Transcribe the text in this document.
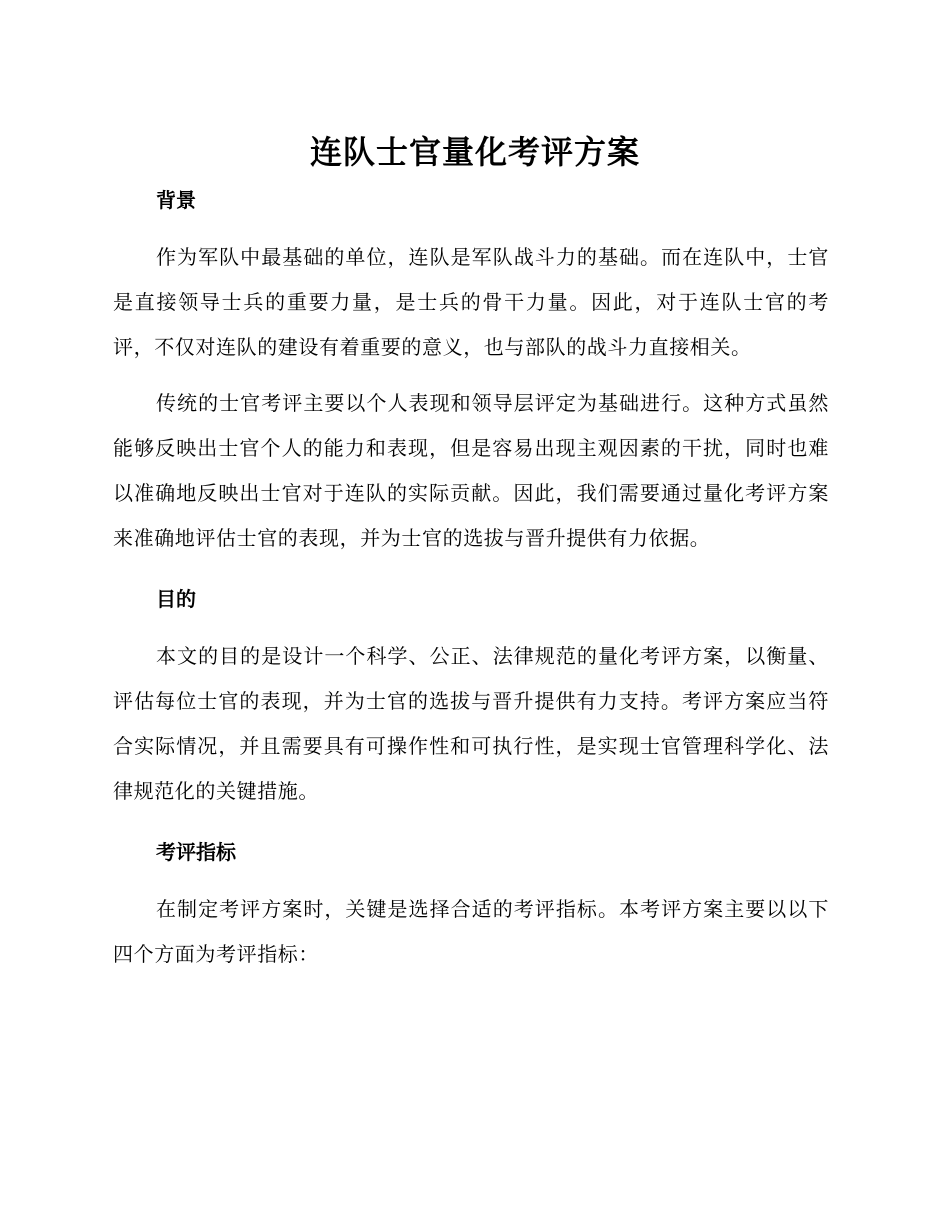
连队士官量化考评方案
背景

作为军队中最基础的单位，连队是军队战斗力的基础。而在连队中，士官是直接领导士兵的重要力量，是士兵的骨干力量。因此，对于连队士官的考评，不仅对连队的建设有着重要的意义，也与部队的战斗力直接相关。

传统的士官考评主要以个人表现和领导层评定为基础进行。这种方式虽然能够反映出士官个人的能力和表现，但是容易出现主观因素的干扰，同时也难以准确地反映出士官对于连队的实际贡献。因此，我们需要通过量化考评方案来准确地评估士官的表现，并为士官的选拔与晋升提供有力依据。

目的

本文的目的是设计一个科学、公正、法律规范的量化考评方案，以衡量、评估每位士官的表现，并为士官的选拔与晋升提供有力支持。考评方案应当符合实际情况，并且需要具有可操作性和可执行性，是实现士官管理科学化、法律规范化的关键措施。

考评指标

在制定考评方案时，关键是选择合适的考评指标。本考评方案主要以以下四个方面为考评指标：
